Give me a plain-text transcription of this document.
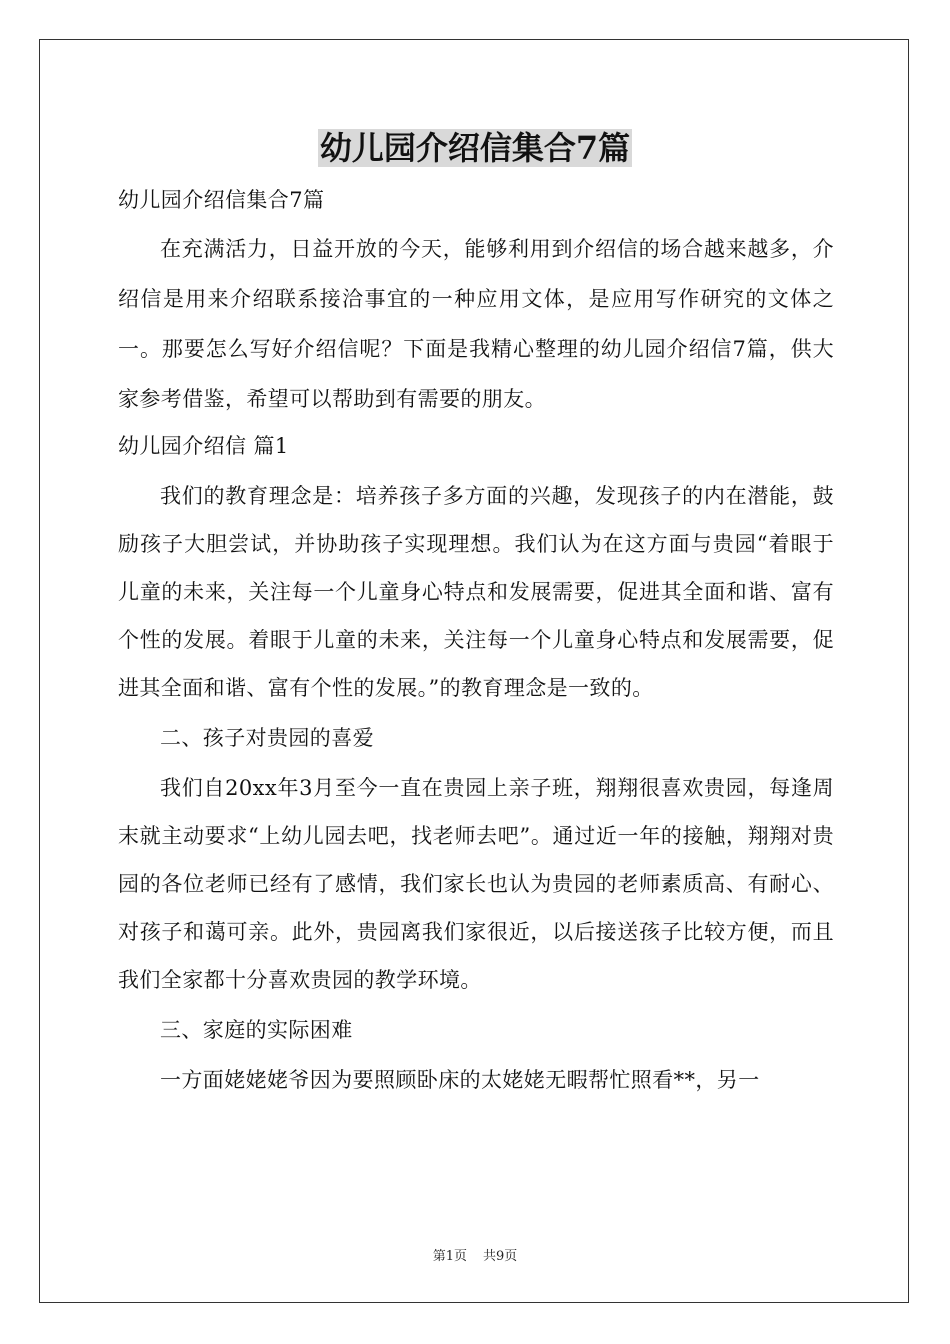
幼儿园介绍信集合7篇

幼儿园介绍信集合7篇

在充满活力，日益开放的今天，能够利用到介绍信的场合越来越多，介绍信是用来介绍联系接洽事宜的一种应用文体，是应用写作研究的文体之一。那要怎么写好介绍信呢？下面是我精心整理的幼儿园介绍信7篇，供大家参考借鉴，希望可以帮助到有需要的朋友。

幼儿园介绍信 篇1

我们的教育理念是：培养孩子多方面的兴趣，发现孩子的内在潜能，鼓励孩子大胆尝试，并协助孩子实现理想。我们认为在这方面与贵园“着眼于儿童的未来，关注每一个儿童身心特点和发展需要，促进其全面和谐、富有个性的发展。着眼于儿童的未来，关注每一个儿童身心特点和发展需要，促进其全面和谐、富有个性的发展。”的教育理念是一致的。

二、孩子对贵园的喜爱

我们自20xx年3月至今一直在贵园上亲子班，翔翔很喜欢贵园，每逢周末就主动要求“上幼儿园去吧，找老师去吧”。通过近一年的接触，翔翔对贵园的各位老师已经有了感情，我们家长也认为贵园的老师素质高、有耐心、对孩子和蔼可亲。此外，贵园离我们家很近，以后接送孩子比较方便，而且我们全家都十分喜欢贵园的教学环境。

三、家庭的实际困难

一方面姥姥姥爷因为要照顾卧床的太姥姥无暇帮忙照看**，另一

第1页 共9页
